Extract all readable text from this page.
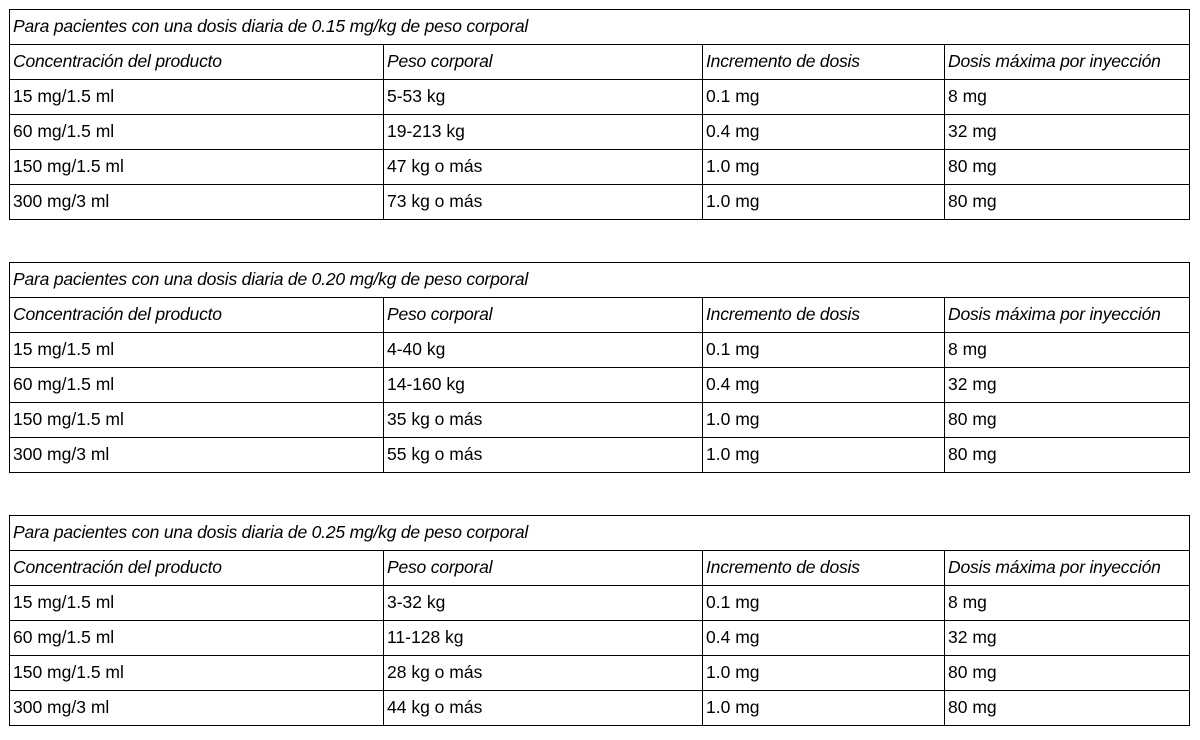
Para pacientes con una dosis diaria de 0.15 mg/kg de peso corporal			
Concentración del producto	Peso corporal	Incremento de dosis	Dosis máxima por inyección
15 mg/1.5 ml	5-53 kg	0.1 mg	8 mg
60 mg/1.5 ml	19-213 kg	0.4 mg	32 mg
150 mg/1.5 ml	47 kg o más	1.0 mg	80 mg
300 mg/3 ml	73 kg o más	1.0 mg	80 mg
Para pacientes con una dosis diaria de 0.20 mg/kg de peso corporal			
Concentración del producto	Peso corporal	Incremento de dosis	Dosis máxima por inyección
15 mg/1.5 ml	4-40 kg	0.1 mg	8 mg
60 mg/1.5 ml	14-160 kg	0.4 mg	32 mg
150 mg/1.5 ml	35 kg o más	1.0 mg	80 mg
300 mg/3 ml	55 kg o más	1.0 mg	80 mg
Para pacientes con una dosis diaria de 0.25 mg/kg de peso corporal			
Concentración del producto	Peso corporal	Incremento de dosis	Dosis máxima por inyección
15 mg/1.5 ml	3-32 kg	0.1 mg	8 mg
60 mg/1.5 ml	11-128 kg	0.4 mg	32 mg
150 mg/1.5 ml	28 kg o más	1.0 mg	80 mg
300 mg/3 ml	44 kg o más	1.0 mg	80 mg
